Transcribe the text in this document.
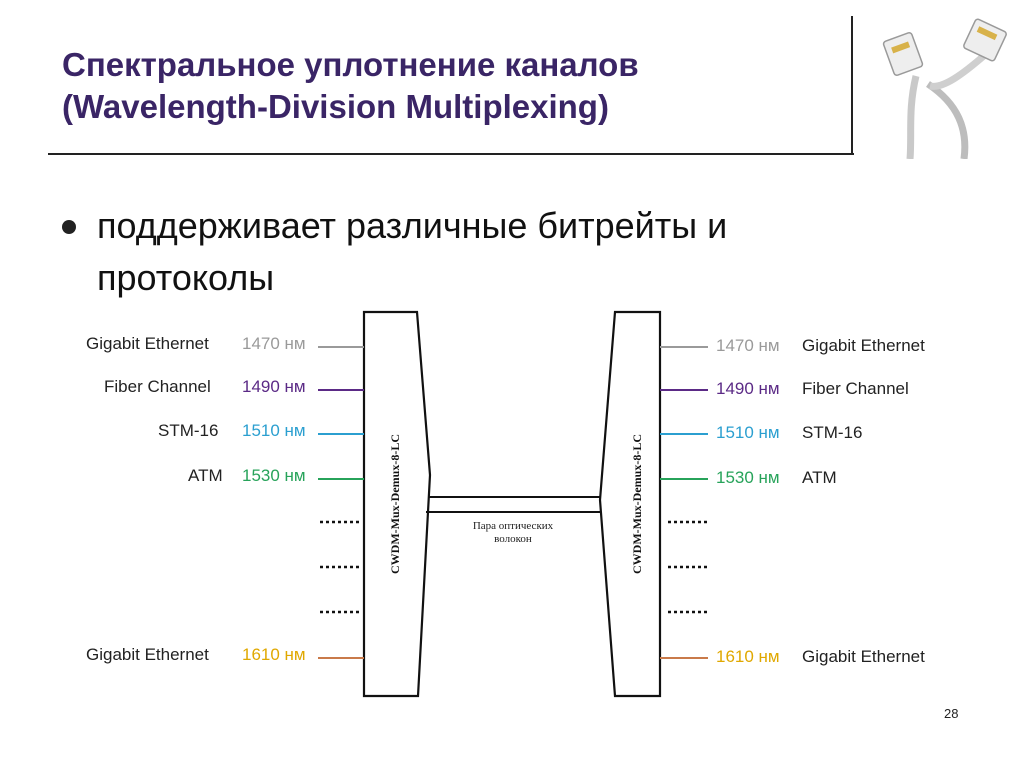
Спектральное уплотнение каналов
(Wavelength-Division Multiplexing)
поддерживает различные битрейты и протоколы
CWDM-Mux-Demux-8-LC	CWDM-Mux-Demux-8-LC
Пара оптических
волокон
Gigabit Ethernet 1470 нм
Fiber Channel 1490 нм
STM-16 1510 нм
ATM 1530 нм
Gigabit Ethernet 1610 нм
1470 нм Gigabit Ethernet
1490 нм Fiber Channel
1510 нм STM-16
1530 нм ATM
1610 нм Gigabit Ethernet
28
